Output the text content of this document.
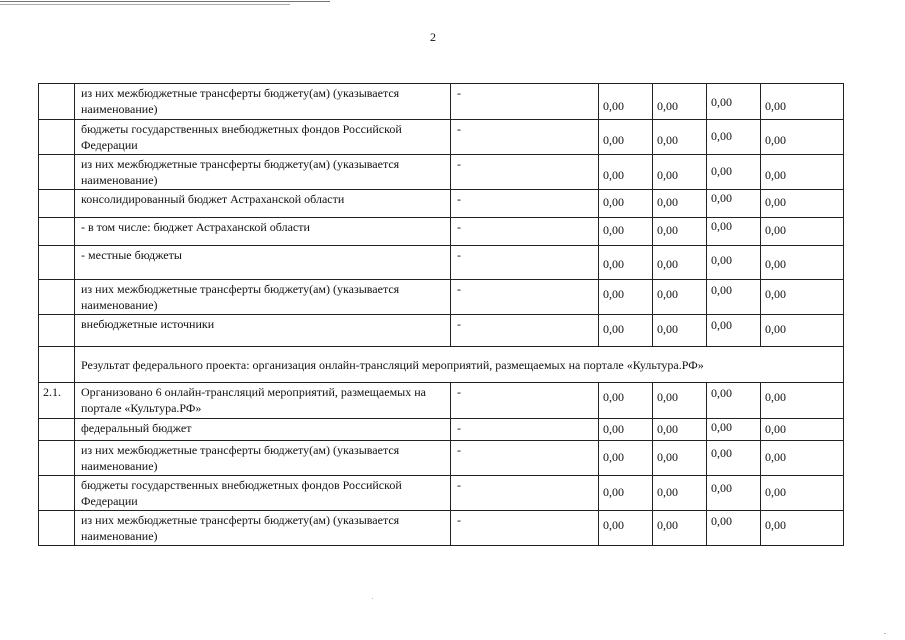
2
	из них межбюджетные трансферты бюджету(ам) (указывается наименование)	-	0,00	0,00	0,00	0,00

	бюджеты государственных внебюджетных фондов Российской Федерации	-	0,00	0,00	0,00	0,00

	из них межбюджетные трансферты бюджету(ам) (указывается наименование)	-	0,00	0,00	0,00	0,00

	консолидированный бюджет Астраханской области	-	0,00	0,00	0,00	0,00

	- в том числе: бюджет Астраханской области	-	0,00	0,00	0,00	0,00

	- местные бюджеты	-	0,00	0,00	0,00	0,00

	из них межбюджетные трансферты бюджету(ам) (указывается наименование)	-	0,00	0,00	0,00	0,00

	внебюджетные источники	-	0,00	0,00	0,00	0,00

	Результат федерального проекта: организация онлайн-трансляций мероприятий, размещаемых на портале «Культура.РФ»					
2.1.	Организовано 6 онлайн-трансляций мероприятий, размещаемых на портале «Культура.РФ»	-	0,00	0,00	0,00	0,00

	федеральный бюджет	-	0,00	0,00	0,00	0,00

	из них межбюджетные трансферты бюджету(ам) (указывается наименование)	-	0,00	0,00	0,00	0,00

	бюджеты государственных внебюджетных фондов Российской Федерации	-	0,00	0,00	0,00	0,00

	из них межбюджетные трансферты бюджету(ам) (указывается наименование)	-	0,00	0,00	0,00	0,00
